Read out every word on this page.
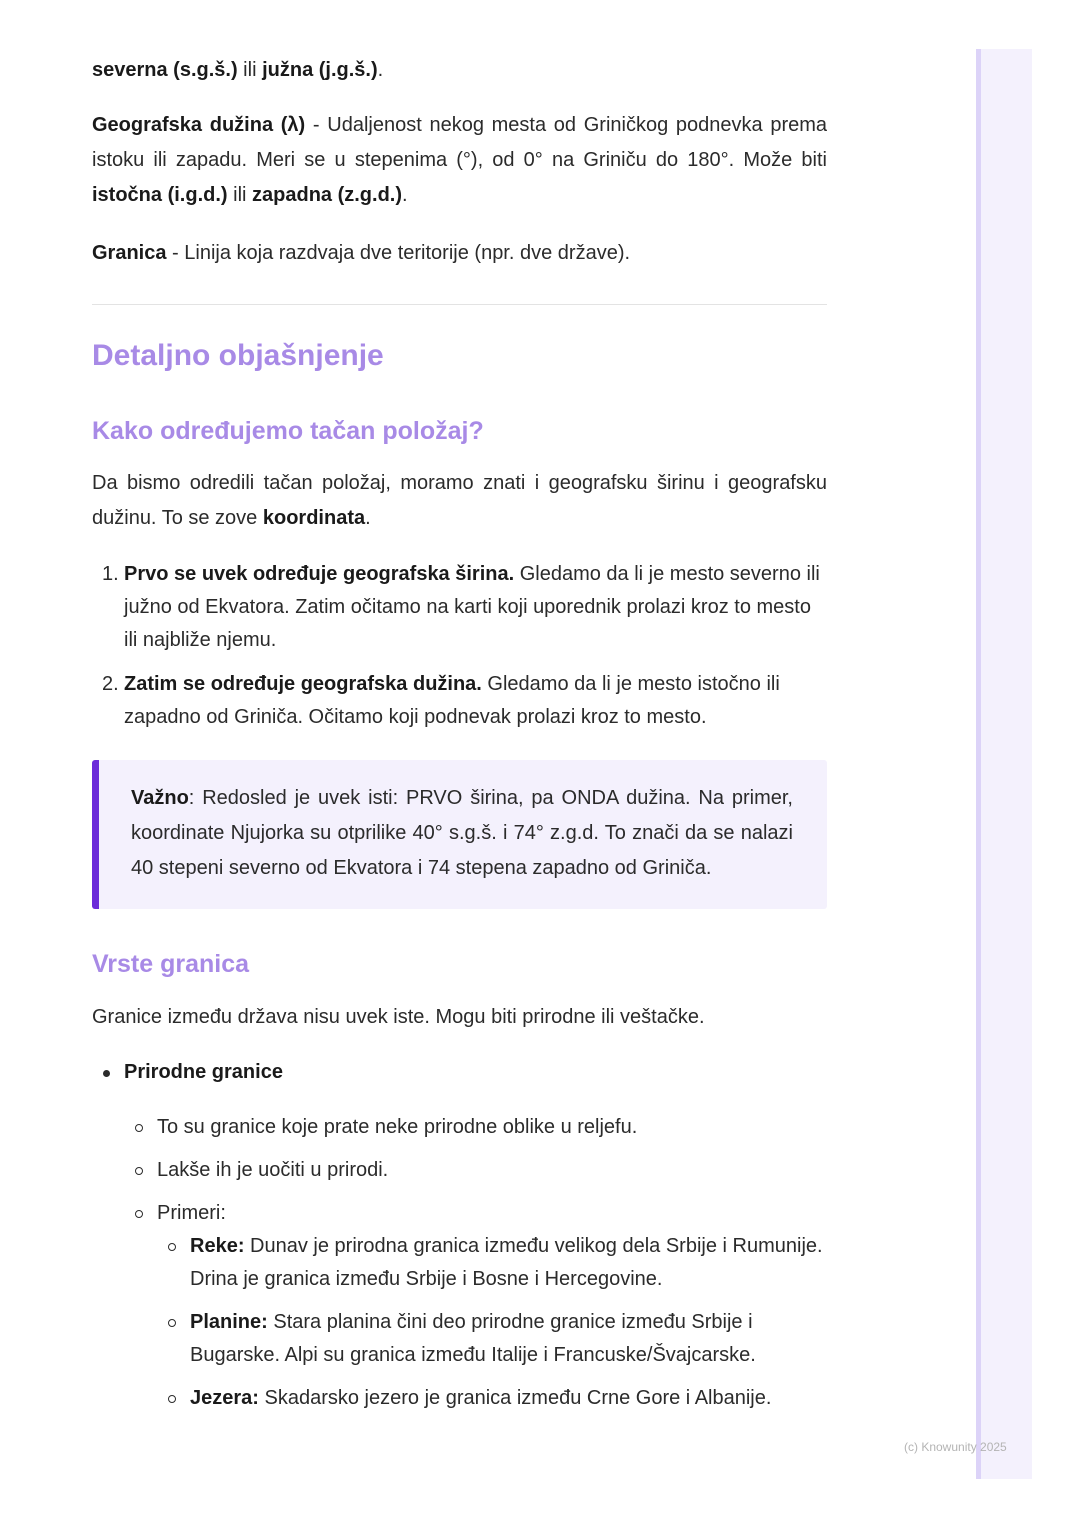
severna (s.g.š.) ili južna (j.g.š.).

Geografska dužina (λ) - Udaljenost nekog mesta od Griničkog podnevka prema istoku ili zapadu. Meri se u stepenima (°), od 0° na Griniču do 180°. Može biti istočna (i.g.d.) ili zapadna (z.g.d.).

Granica - Linija koja razdvaja dve teritorije (npr. dve države).

Detaljno objašnjenje
Kako određujemo tačan položaj?

Da bismo odredili tačan položaj, moramo znati i geografsku širinu i geografsku dužinu. To se zove koordinata.

1. Prvo se uvek određuje geografska širina. Gledamo da li je mesto severno ili južno od Ekvatora. Zatim očitamo na karti koji uporednik prolazi kroz to mesto ili najbliže njemu.
2. Zatim se određuje geografska dužina. Gledamo da li je mesto istočno ili zapadno od Griniča. Očitamo koji podnevak prolazi kroz to mesto.

Važno: Redosled je uvek isti: PRVO širina, pa ONDA dužina. Na primer, koordinate Njujorka su otprilike 40° s.g.š. i 74° z.g.d. To znači da se nalazi 40 stepeni severno od Ekvatora i 74 stepena zapadno od Griniča.

Vrste granica

Granice između država nisu uvek iste. Mogu biti prirodne ili veštačke.

Prirodne granice
To su granice koje prate neke prirodne oblike u reljefu.
Lakše ih je uočiti u prirodi.
Primeri:
Reke: Dunav je prirodna granica između velikog dela Srbije i Rumunije. Drina je granica između Srbije i Bosne i Hercegovine.
Planine: Stara planina čini deo prirodne granice između Srbije i Bugarske. Alpi su granica između Italije i Francuske/Švajcarske.
Jezera: Skadarsko jezero je granica između Crne Gore i Albanije.
(c) Knowunity 2025
